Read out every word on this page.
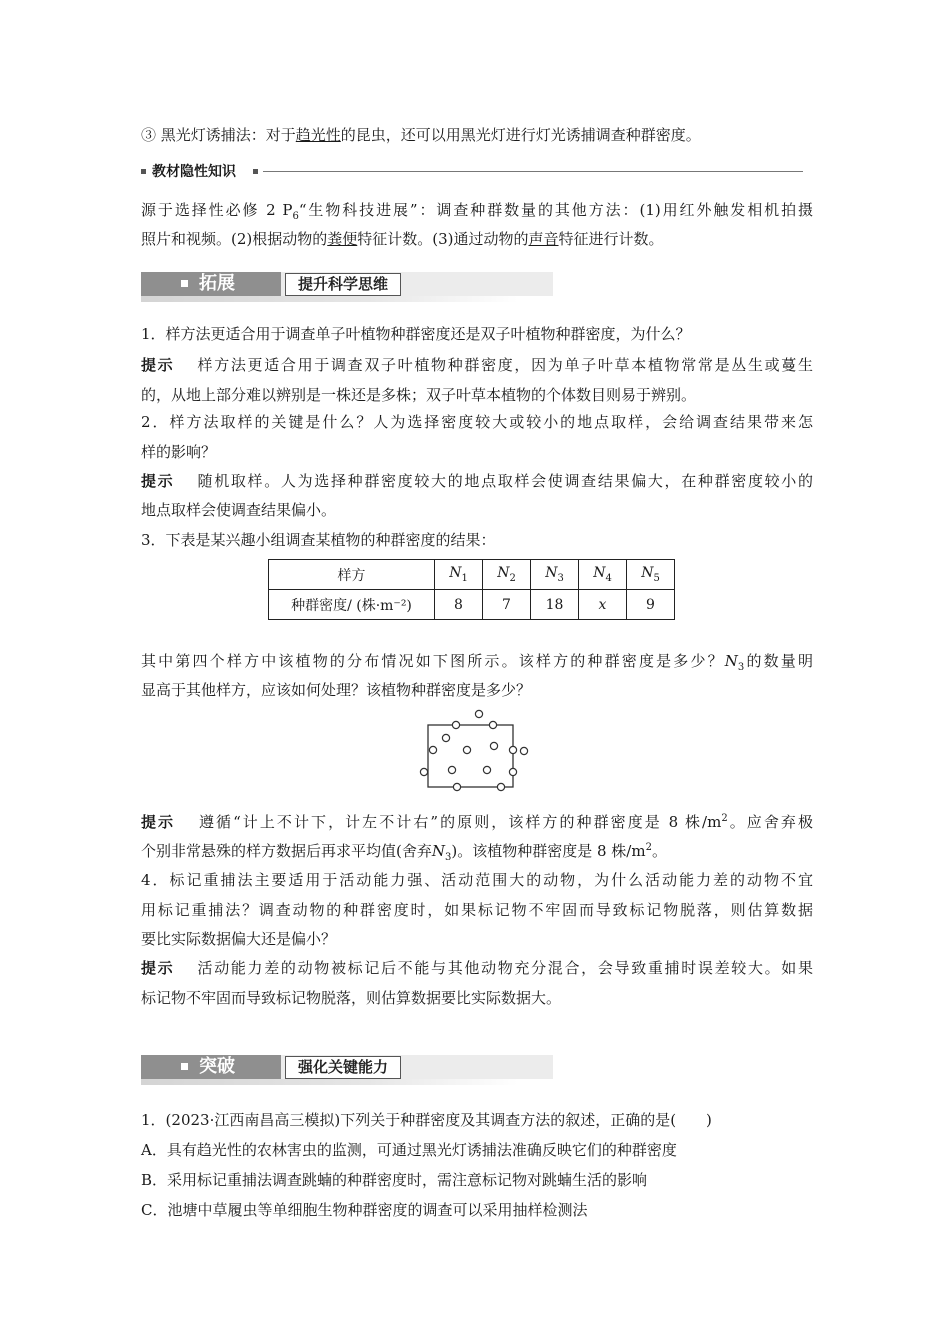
③ 黑光灯诱捕法：对于趋光性的昆虫，还可以用黑光灯进行灯光诱捕调查种群密度。
教材隐性知识
源于选择性必修 2 $P_6“$生物科技进展”：调查种群数量的其他方法：(1)用红外触发相机拍摄
照片和视频。(2)根据动物的粪便特征计数。(3)通过动物的声音特征进行计数。
拓展	提升科学思维
1．样方法更适合用于调查单子叶植物种群密度还是双子叶植物种群密度，为什么？
提示　 样方法更适合用于调查双子叶植物种群密度，因为单子叶草本植物常常是丛生或蔓生
的，从地上部分难以辨别是一株还是多株；双子叶草本植物的个体数目则易于辨别。
2．样方法取样的关键是什么？人为选择密度较大或较小的地点取样，会给调查结果带来怎
样的影响？
提示　 随机取样。人为选择种群密度较大的地点取样会使调查结果偏大，在种群密度较小的
地点取样会使调查结果偏小。
3．下表是某兴趣小组调查某植物的种群密度的结果：
样方	$N_1$	$N_2$	$N_3$	$N_4$	$N_5$
种群密度/ (株·m⁻²)	8	7	18	x	9
其中第四个样方中该植物的分布情况如下图所示。该样方的种群密度是多少？$N_3$的数量明
显高于其他样方，应该如何处理？该植物种群密度是多少？
提示　 遵循“计上不计下，计左不计右”的原则，该样方的种群密度是 8 株$/m^2$。应舍弃极
个别非常悬殊的样方数据后再求平均值(舍弃$N_3$)。该植物种群密度是 8 株$/m^2$。
4．标记重捕法主要适用于活动能力强、活动范围大的动物，为什么活动能力差的动物不宜
用标记重捕法？调查动物的种群密度时，如果标记物不牢固而导致标记物脱落，则估算数据
要比实际数据偏大还是偏小？
提示　 活动能力差的动物被标记后不能与其他动物充分混合，会导致重捕时误差较大。如果
标记物不牢固而导致标记物脱落，则估算数据要比实际数据大。
突破	强化关键能力
1．(2023·江西南昌高三模拟)下列关于种群密度及其调查方法的叙述，正确的是(　　)
A．具有趋光性的农林害虫的监测，可通过黑光灯诱捕法准确反映它们的种群密度
B．采用标记重捕法调查跳蝻的种群密度时，需注意标记物对跳蝻生活的影响
C．池塘中草履虫等单细胞生物种群密度的调查可以采用抽样检测法
